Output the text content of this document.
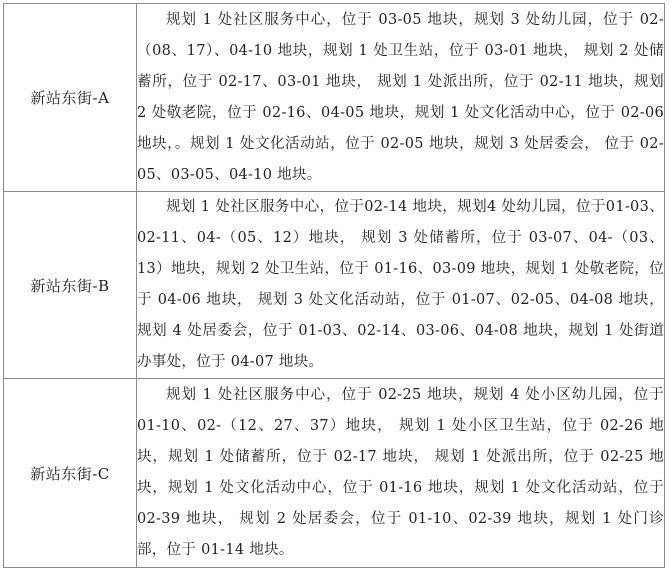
新站东街-A	规划 1 处社区服务中心，位于 03-05 地块，规划 3 处幼儿园，位于 02-（08、17）、04-10 地块，规划 1 处卫生站，位于 03-01 地块， 规划 2 处储蓄所，位于 02-17、03-01 地块， 规划 1 处派出所，位于 02-11 地块，规划 2 处敬老院，位于 02-16、04-05 地块，规划 1 处文化活动中心，位于 02-06 地块，。规划 1 处文化活动站，位于 02-05 地块，规划 3 处居委会， 位于 02-05、03-05、04-10 地块。
新站东街-B	规划 1 处社区服务中心，位于02-14 地块，规划4 处幼儿园，位于01-03、02-11、04-（05、12）地块， 规划 3 处储蓄所，位于 03-07、04-（03、13）地块，规划 2 处卫生站，位于 01-16、03-09 地块，规划 1 处敬老院，位于 04-06 地块， 规划 3 处文化活动站，位于 01-07、02-05、04-08 地块，规划 4 处居委会，位于 01-03、02-14、03-06、04-08 地块，规划 1 处街道办事处，位于 04-07 地块。
新站东街-C	规划 1 处社区服务中心，位于 02-25 地块，规划 4 处小区幼儿园，位于 01-10、02-（12、27、37）地块， 规划 1 处小区卫生站，位于 02-26 地块，规划 1 处储蓄所，位于 02-17 地块， 规划 1 处派出所，位于 02-25 地块，规划 1 处文化活动中心，位于 01-16 地块，规划 1 处文化活动站，位于 02-39 地块， 规划 2 处居委会，位于 01-10、02-39 地块，规划 1 处门诊部，位于 01-14 地块。
